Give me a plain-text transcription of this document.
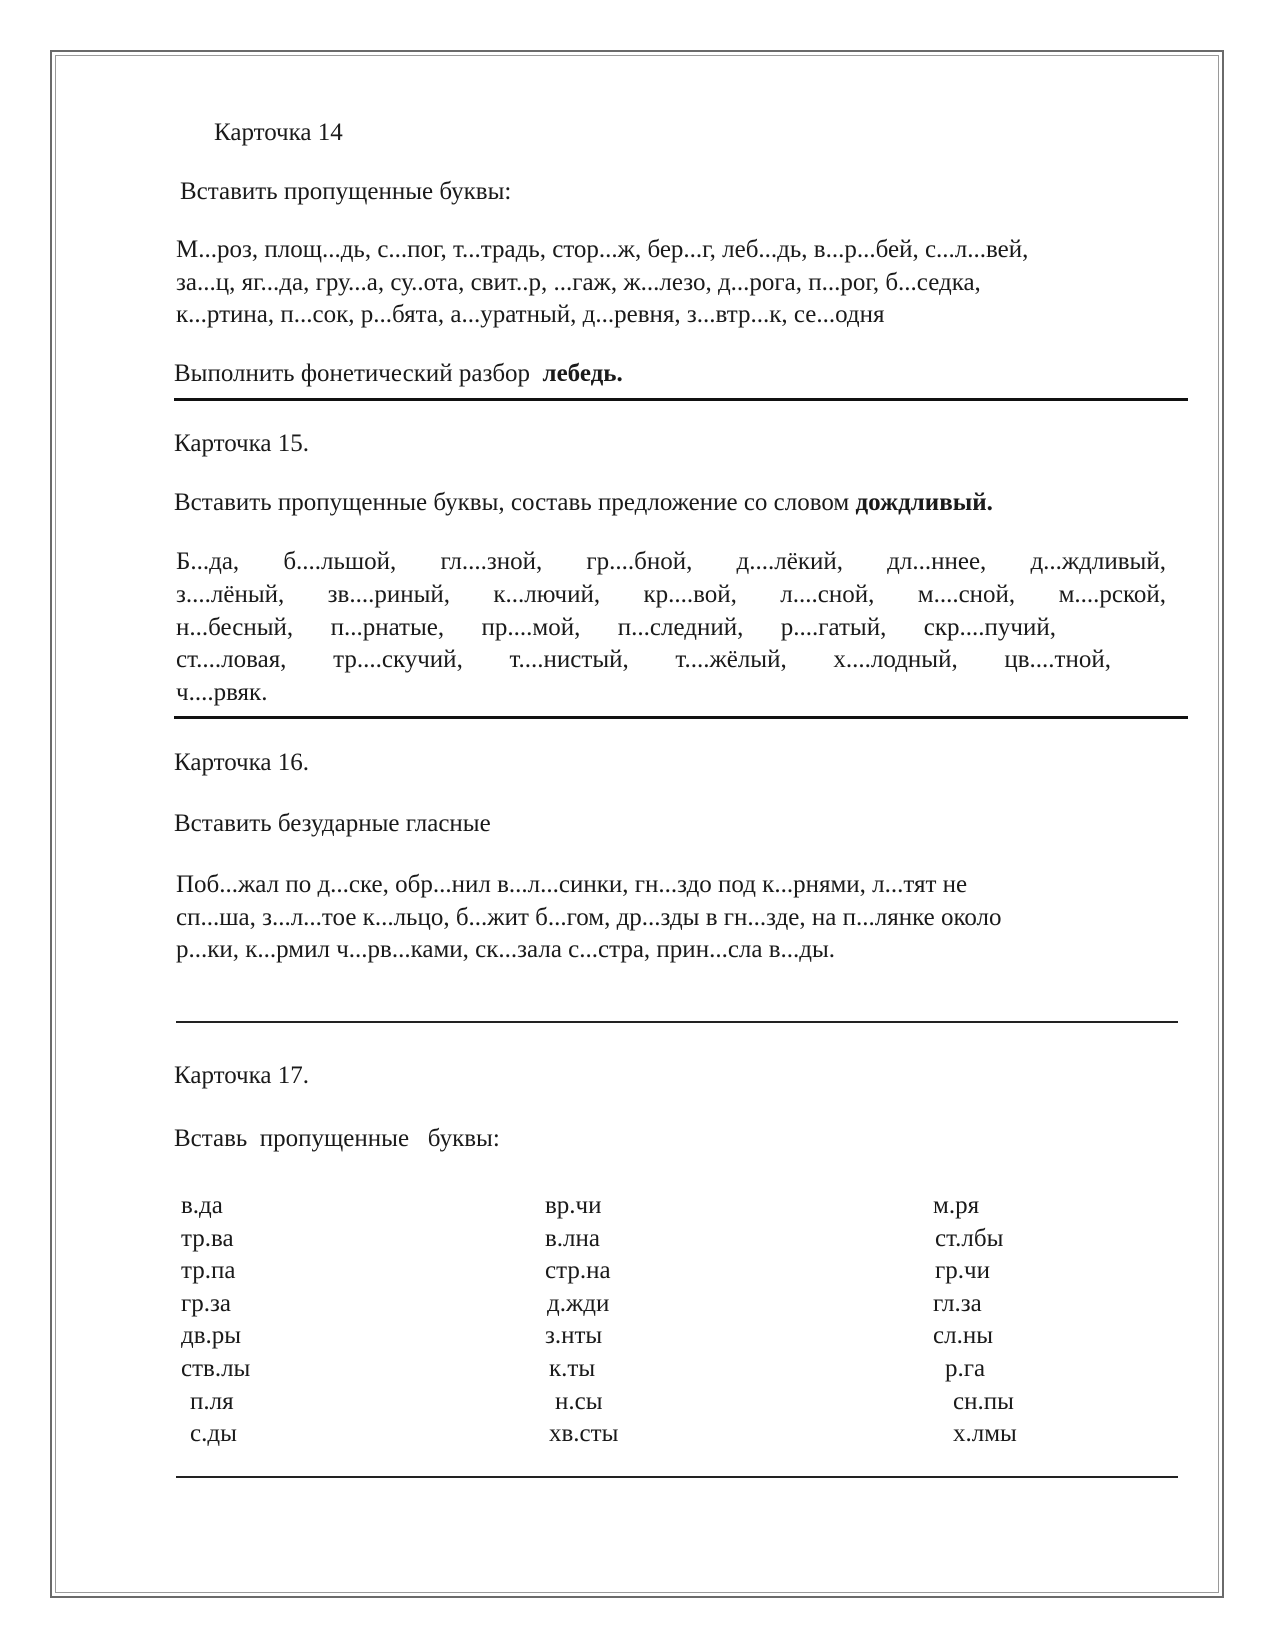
Карточка 14
Вставить пропущенные буквы:
М...роз, площ...дь, с...пог, т...традь, стор...ж, бер...г, леб...дь, в...р...бей, с...л...вей,
за...ц, яг...да, гру...а, су..ота, свит..р, ...гаж, ж...лезо, д...рога, п...рог, б...седка,
к...ртина, п...сок, р...бята, а...уратный, д...ревня, з...втр...к, се...одня
Выполнить фонетический разбор лебедь.
Карточка 15.
Вставить пропущенные буквы, составь предложение со словом дождливый.
Б...да, б....льшой, гл....зной, гр....бной, д....лёкий, дл...ннее, д...ждливый,
з....лёный, зв....риный, к...лючий, кр....вой, л....сной, м....сной, м....рской,
н...бесный, п...рнатые, пр....мой, п...следний, р....гатый, скр....пучий,
ст....ловая, тр....скучий, т....нистый, т....жёлый, х....лодный, цв....тной,
ч....рвяк.
Карточка 16.
Вставить безударные гласные
Поб...жал по д...ске, обр...нил в...л...синки, гн...здо под к...рнями, л...тят не
сп...ша, з...л...тое к...льцо, б...жит б...гом, др...зды в гн...зде, на п...лянке около
р...ки, к...рмил ч...рв...ками, ск...зала с...стра, прин...сла в...ды.
Карточка 17.
Вставь  пропущенные   буквы:
в.да
тр.ва
тр.па
гр.за
дв.ры
ств.лы
п.ля
с.ды
вр.чи
в.лна
стр.на
д.жди
з.нты
к.ты
н.сы
хв.сты
м.ря
ст.лбы
гр.чи
гл.за
сл.ны
р.га
сн.пы
х.лмы
